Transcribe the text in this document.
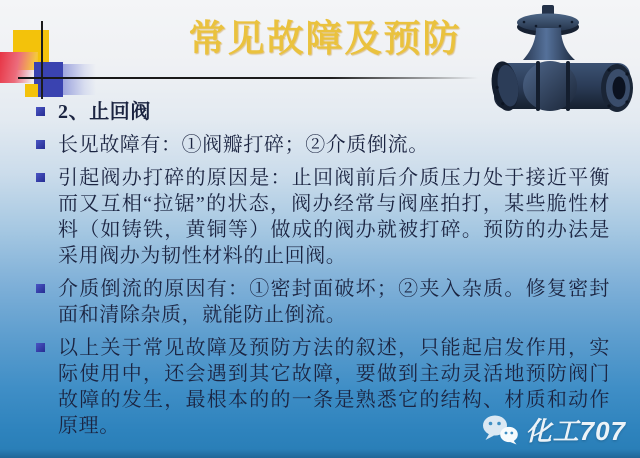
常见故障及预防
2、止回阀
长见故障有：①阀瓣打碎；②介质倒流。
引起阀办打碎的原因是：止回阀前后介质压力处于接近平衡而又互相“拉锯”的状态，阀办经常与阀座拍打，某些脆性材料（如铸铁，黄铜等）做成的阀办就被打碎。预防的办法是采用阀办为韧性材料的止回阀。
介质倒流的原因有：①密封面破坏；②夹入杂质。修复密封面和清除杂质，就能防止倒流。
以上关于常见故障及预防方法的叙述，只能起启发作用，实际使用中，还会遇到其它故障，要做到主动灵活地预防阀门故障的发生，最根本的的一条是熟悉它的结构、材质和动作原理。	化工707
